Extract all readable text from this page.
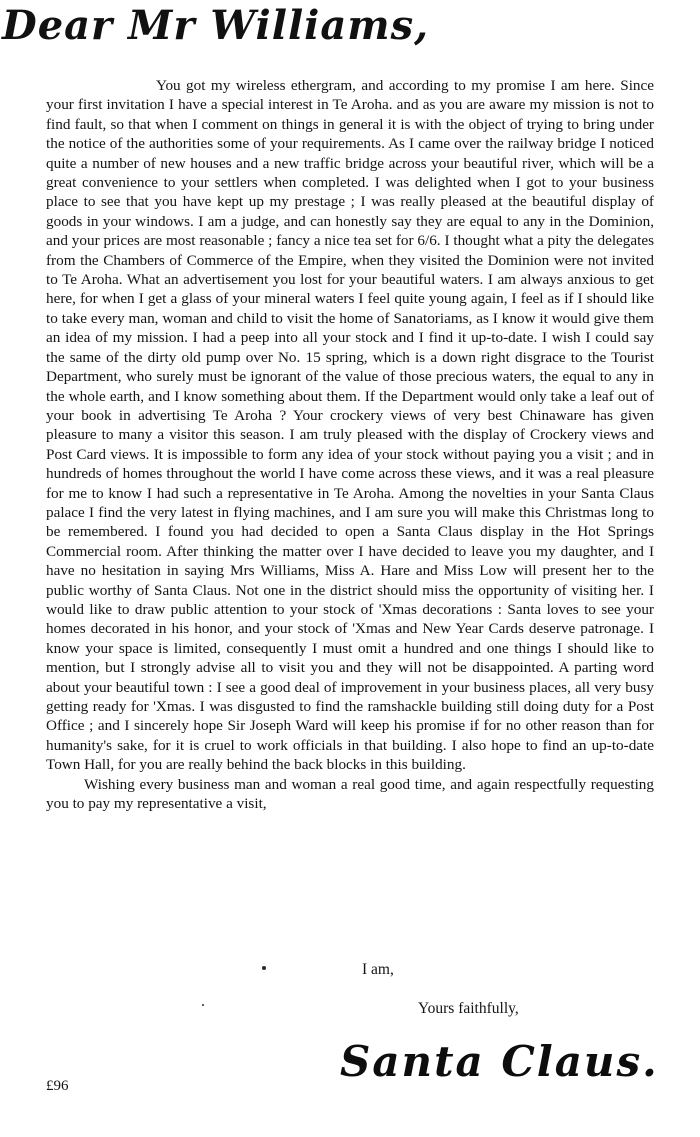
Dear Mr Williams,

You got my wireless ethergram, and according to my promise I am here. Since your first invitation I have a special interest in Te Aroha. and as you are aware my mission is not to find fault, so that when I comment on things in general it is with the object of trying to bring under the notice of the authorities some of your requirements. As I came over the railway bridge I noticed quite a number of new houses and a new traffic bridge across your beautiful river, which will be a great convenience to your settlers when completed. I was delighted when I got to your business place to see that you have kept up my prestage ; I was really pleased at the beautiful display of goods in your windows. I am a judge, and can honestly say they are equal to any in the Dominion, and your prices are most reasonable ; fancy a nice tea set for 6/6. I thought what a pity the delegates from the Chambers of Commerce of the Empire, when they visited the Dominion were not invited to Te Aroha. What an advertisement you lost for your beautiful waters. I am always anxious to get here, for when I get a glass of your mineral waters I feel quite young again, I feel as if I should like to take every man, woman and child to visit the home of Sanatoriams, as I know it would give them an idea of my mission. I had a peep into all your stock and I find it up-to-date. I wish I could say the same of the dirty old pump over No. 15 spring, which is a down right disgrace to the Tourist Department, who surely must be ignorant of the value of those precious waters, the equal to any in the whole earth, and I know something about them. If the Department would only take a leaf out of your book in advertising Te Aroha ? Your crockery views of very best Chinaware has given pleasure to many a visitor this season. I am truly pleased with the display of Crockery views and Post Card views. It is impossible to form any idea of your stock without paying you a visit ; and in hundreds of homes throughout the world I have come across these views, and it was a real pleasure for me to know I had such a representative in Te Aroha. Among the novelties in your Santa Claus palace I find the very latest in flying machines, and I am sure you will make this Christmas long to be remembered. I found you had decided to open a Santa Claus display in the Hot Springs Commercial room. After thinking the matter over I have decided to leave you my daughter, and I have no hesitation in saying Mrs Williams, Miss A. Hare and Miss Low will present her to the public worthy of Santa Claus. Not one in the district should miss the opportunity of visiting her. I would like to draw public attention to your stock of 'Xmas decorations : Santa loves to see your homes decorated in his honor, and your stock of 'Xmas and New Year Cards deserve patronage. I know your space is limited, consequently I must omit a hundred and one things I should like to mention, but I strongly advise all to visit you and they will not be disappointed. A parting word about your beautiful town : I see a good deal of improvement in your business places, all very busy getting ready for 'Xmas. I was disgusted to find the ramshackle building still doing duty for a Post Office ; and I sincerely hope Sir Joseph Ward will keep his promise if for no other reason than for humanity's sake, for it is cruel to work officials in that building. I also hope to find an up-to-date Town Hall, for you are really behind the back blocks in this building.

Wishing every business man and woman a real good time, and again respectfully requesting you to pay my representative a visit,

I am,
Yours faithfully,
Santa Claus.
£96
